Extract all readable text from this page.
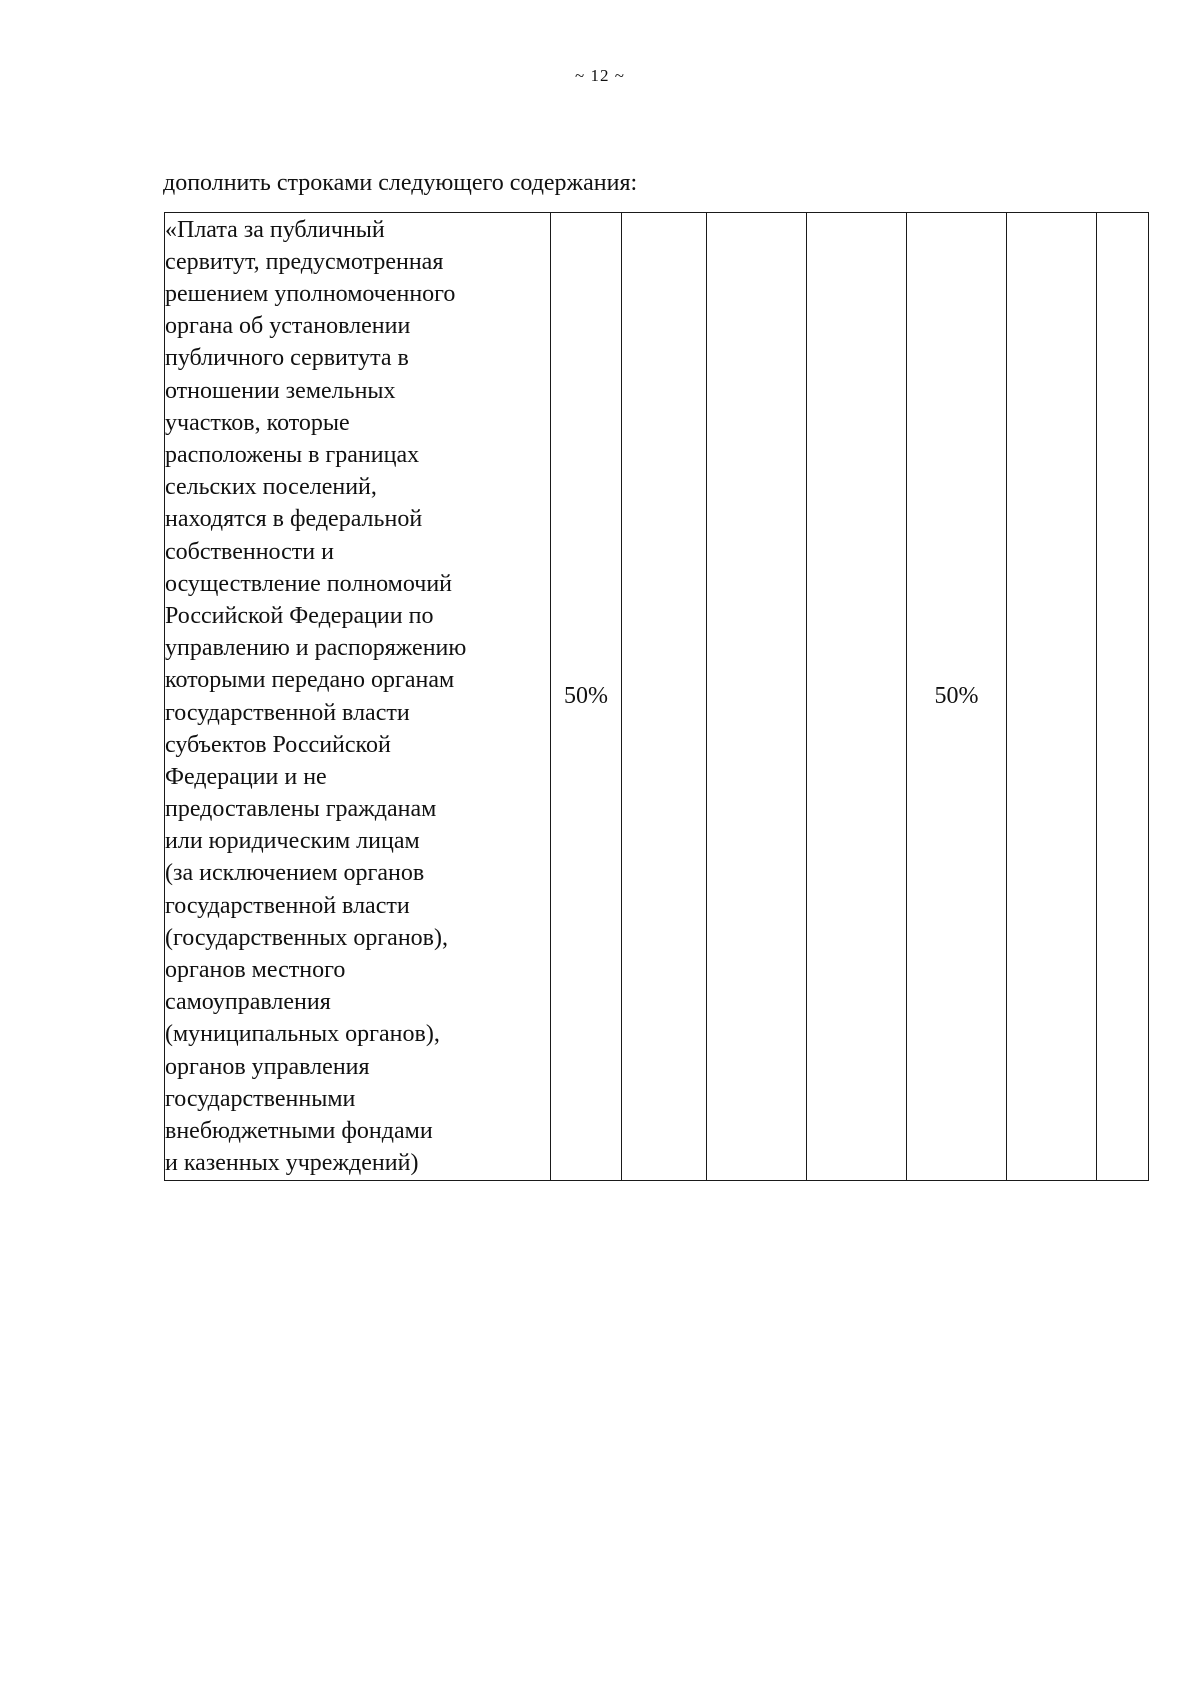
~ 12 ~
дополнить строками следующего содержания:
«Плата за публичный
сервитут, предусмотренная
решением уполномоченного
органа об установлении
публичного сервитута в
отношении земельных
участков, которые
расположены в границах
сельских поселений,
находятся в федеральной
собственности и
осуществление полномочий
Российской Федерации по
управлению и распоряжению
которыми передано органам
государственной власти
субъектов Российской
Федерации и не
предоставлены гражданам
или юридическим лицам
(за исключением органов
государственной власти
(государственных органов),
органов местного
самоуправления
(муниципальных органов),
органов управления
государственными
внебюджетными фондами
и казенных учреждений)
	50%				50%		
